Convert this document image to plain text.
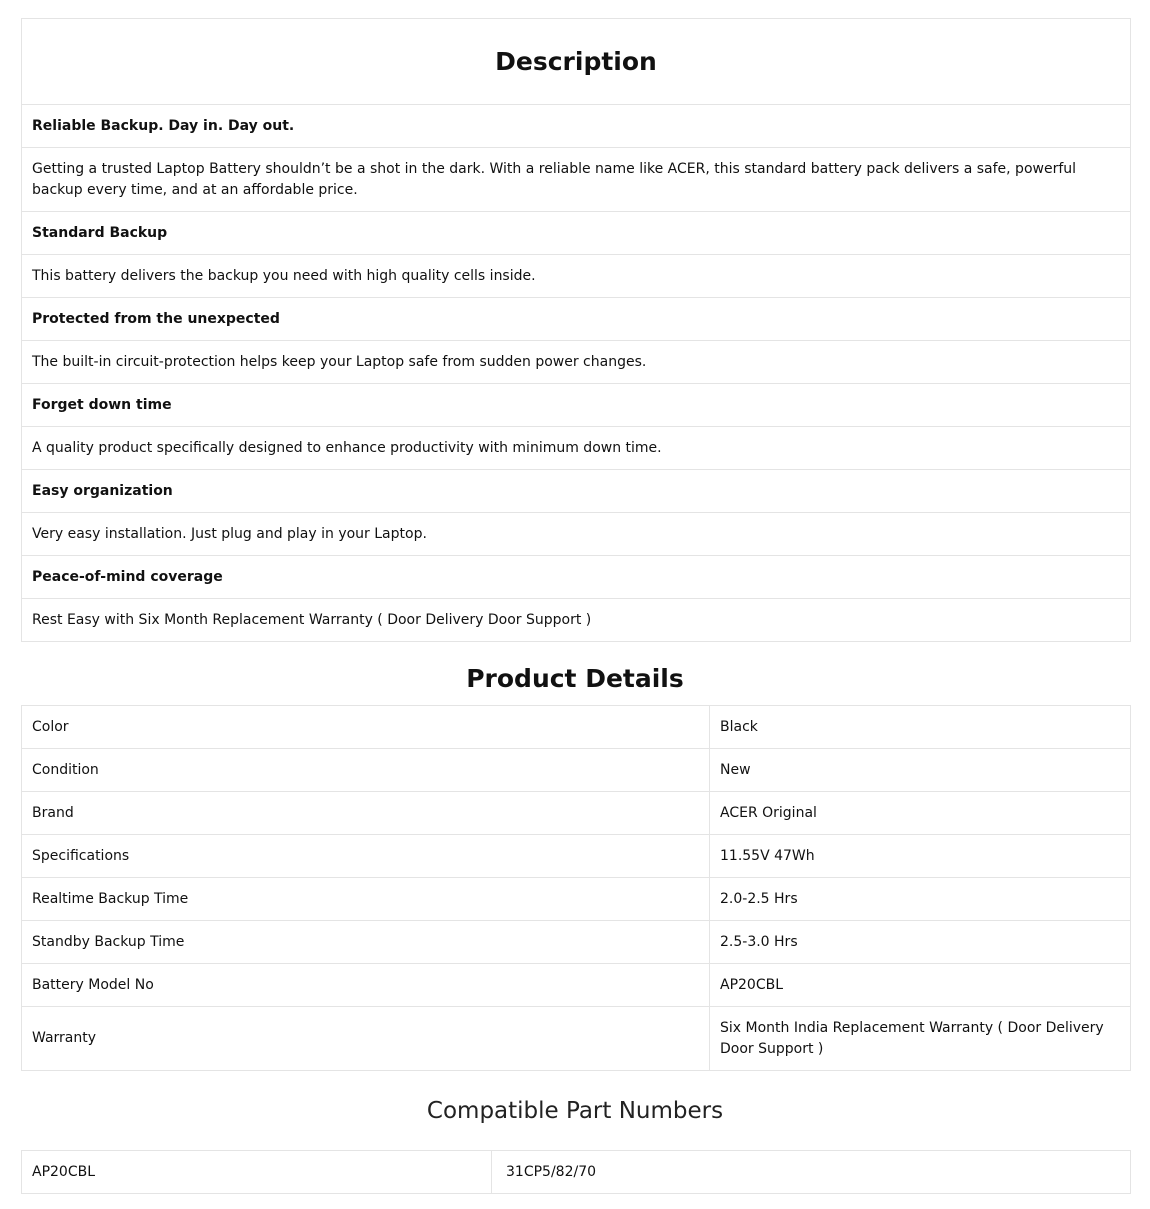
Description

Reliable Backup. Day in. Day out.
Getting a trusted Laptop Battery shouldn’t be a shot in the dark. With a reliable name like ACER, this standard battery pack delivers a safe, powerful backup every time, and at an affordable price.
Standard Backup
This battery delivers the backup you need with high quality cells inside.
Protected from the unexpected
The built-in circuit-protection helps keep your Laptop safe from sudden power changes.
Forget down time
A quality product specifically designed to enhance productivity with minimum down time.
Easy organization
Very easy installation. Just plug and play in your Laptop.
Peace-of-mind coverage
Rest Easy with Six Month Replacement Warranty ( Door Delivery Door Support )
Product Details
Color	Black
Condition	New
Brand	ACER Original
Specifications	11.55V 47Wh
Realtime Backup Time	2.0-2.5 Hrs
Standby Backup Time	2.5-3.0 Hrs
Battery Model No	AP20CBL
Warranty	Six Month India Replacement Warranty ( Door Delivery Door Support )
Compatible Part Numbers
AP20CBL	31CP5/82/70
